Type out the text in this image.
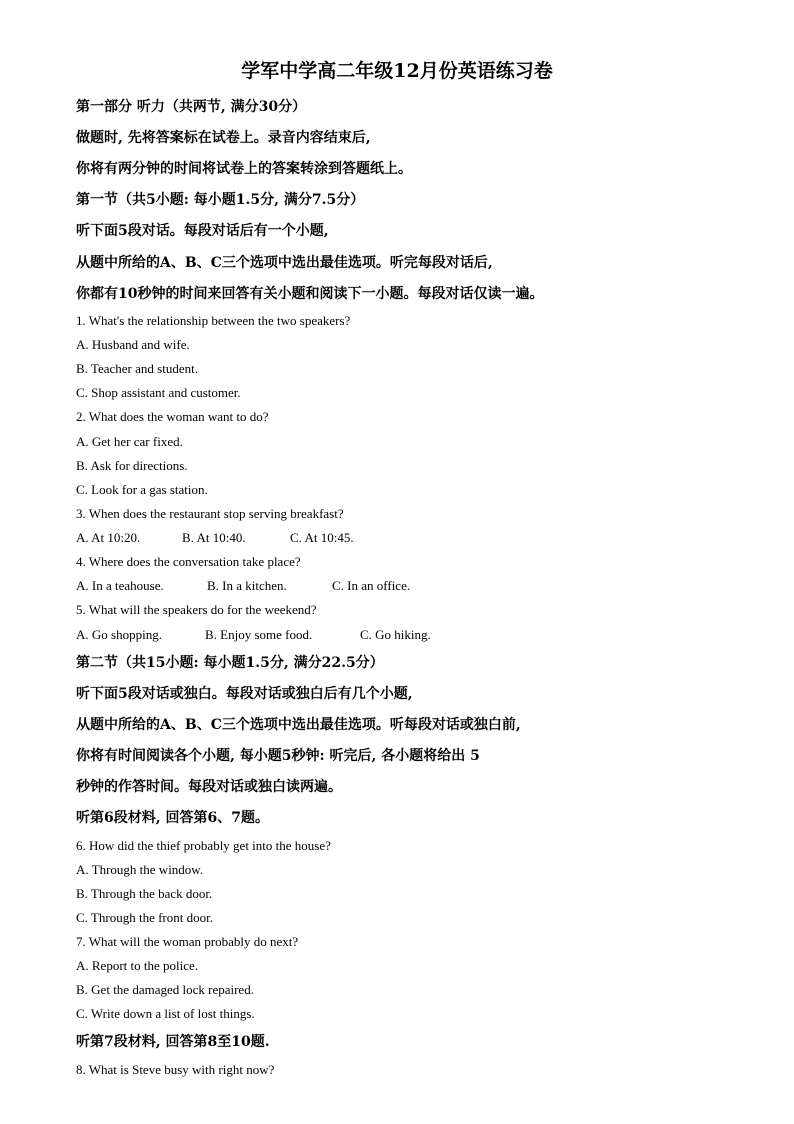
学军中学高二年级12月份英语练习卷
第一部分 听力（共两节, 满分30分）
做题时, 先将答案标在试卷上。录音内容结束后,
你将有两分钟的时间将试卷上的答案转涂到答题纸上。
第一节（共5小题: 每小题1.5分, 满分7.5分）
听下面5段对话。每段对话后有一个小题,
从题中所给的A、B、C三个选项中选出最佳选项。听完每段对话后,
你都有10秒钟的时间来回答有关小题和阅读下一小题。每段对话仅读一遍。
1. What's the relationship between the two speakers?
A. Husband and wife.
B. Teacher and student.
C. Shop assistant and customer.
2. What does the woman want to do?
A. Get her car fixed.
B. Ask for directions.
C. Look for a gas station.
3. When does the restaurant stop serving breakfast?
A. At 10:20.	B. At 10:40.	C. At 10:45.
4. Where does the conversation take place?
A. In a teahouse.	B. In a kitchen.	C. In an office.
5. What will the speakers do for the weekend?
A. Go shopping.	B. Enjoy some food.	C. Go hiking.
第二节（共15小题: 每小题1.5分, 满分22.5分）
听下面5段对话或独白。每段对话或独白后有几个小题,
从题中所给的A、B、C三个选项中选出最佳选项。听每段对话或独白前,
你将有时间阅读各个小题, 每小题5秒钟: 听完后, 各小题将给出 5
秒钟的作答时间。每段对话或独白读两遍。
听第6段材料, 回答第6、7题。
6. How did the thief probably get into the house?
A. Through the window.
B. Through the back door.
C. Through the front door.
7. What will the woman probably do next?
A. Report to the police.
B. Get the damaged lock repaired.
C. Write down a list of lost things.
听第7段材料, 回答第8至10题.
8. What is Steve busy with right now?
